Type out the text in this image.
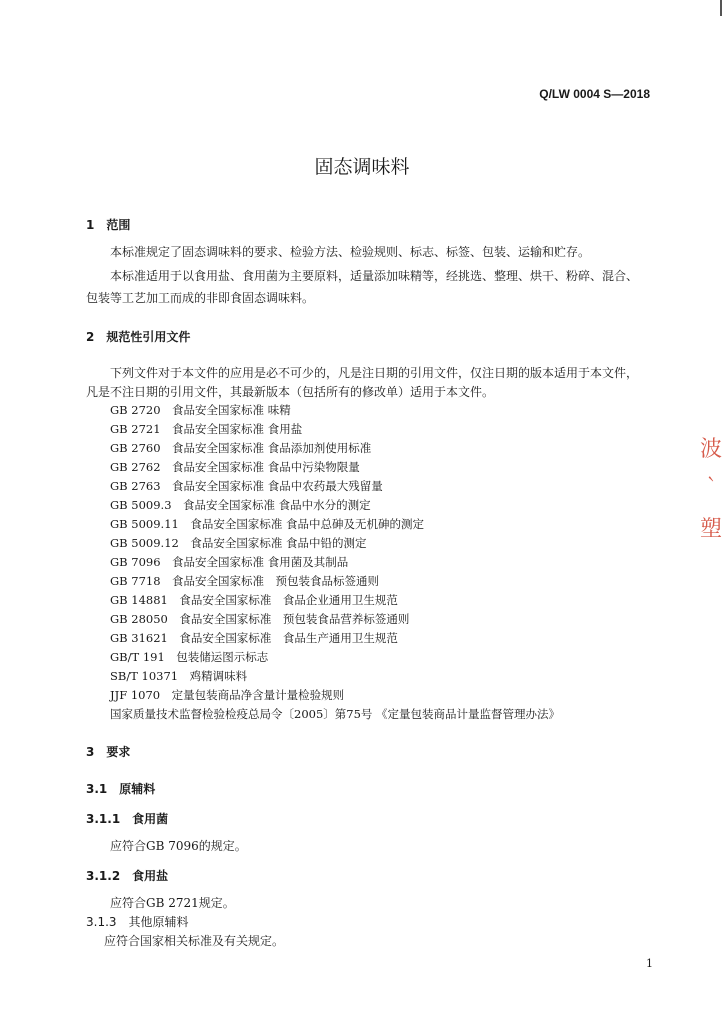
Q/LW 0004 S—2018
固态调味料
1　范围
本标准规定了固态调味料的要求、检验方法、检验规则、标志、标签、包装、运输和贮存。
本标准适用于以食用盐、食用菌为主要原料，适量添加味精等，经挑选、整理、烘干、粉碎、混合、
包装等工艺加工而成的非即食固态调味料。
2　规范性引用文件
下列文件对于本文件的应用是必不可少的，凡是注日期的引用文件，仅注日期的版本适用于本文件，
凡是不注日期的引用文件，其最新版本（包括所有的修改单）适用于本文件。
GB 2720　食品安全国家标准 味精
GB 2721　食品安全国家标准 食用盐
GB 2760　食品安全国家标准 食品添加剂使用标准
GB 2762　食品安全国家标准 食品中污染物限量
GB 2763　食品安全国家标准 食品中农药最大残留量
GB 5009.3　食品安全国家标准 食品中水分的测定
GB 5009.11　食品安全国家标准 食品中总砷及无机砷的测定
GB 5009.12　食品安全国家标准 食品中铅的测定
GB 7096　食品安全国家标准 食用菌及其制品
GB 7718　食品安全国家标准　预包装食品标签通则
GB 14881　食品安全国家标准　食品企业通用卫生规范
GB 28050　食品安全国家标准　预包装食品营养标签通则
GB 31621　食品安全国家标准　食品生产通用卫生规范
GB/T 191　包装储运图示标志
SB/T 10371　鸡精调味料
JJF 1070　定量包装商品净含量计量检验规则
国家质量技术监督检验检疫总局令〔2005〕第75号 《定量包装商品计量监督管理办法》
3　要求
3.1　原辅料
3.1.1　食用菌
应符合GB 7096的规定。
3.1.2　食用盐
应符合GB 2721规定。
3.1.3　其他原辅料
应符合国家相关标准及有关规定。
波 ｀ 塑
1
